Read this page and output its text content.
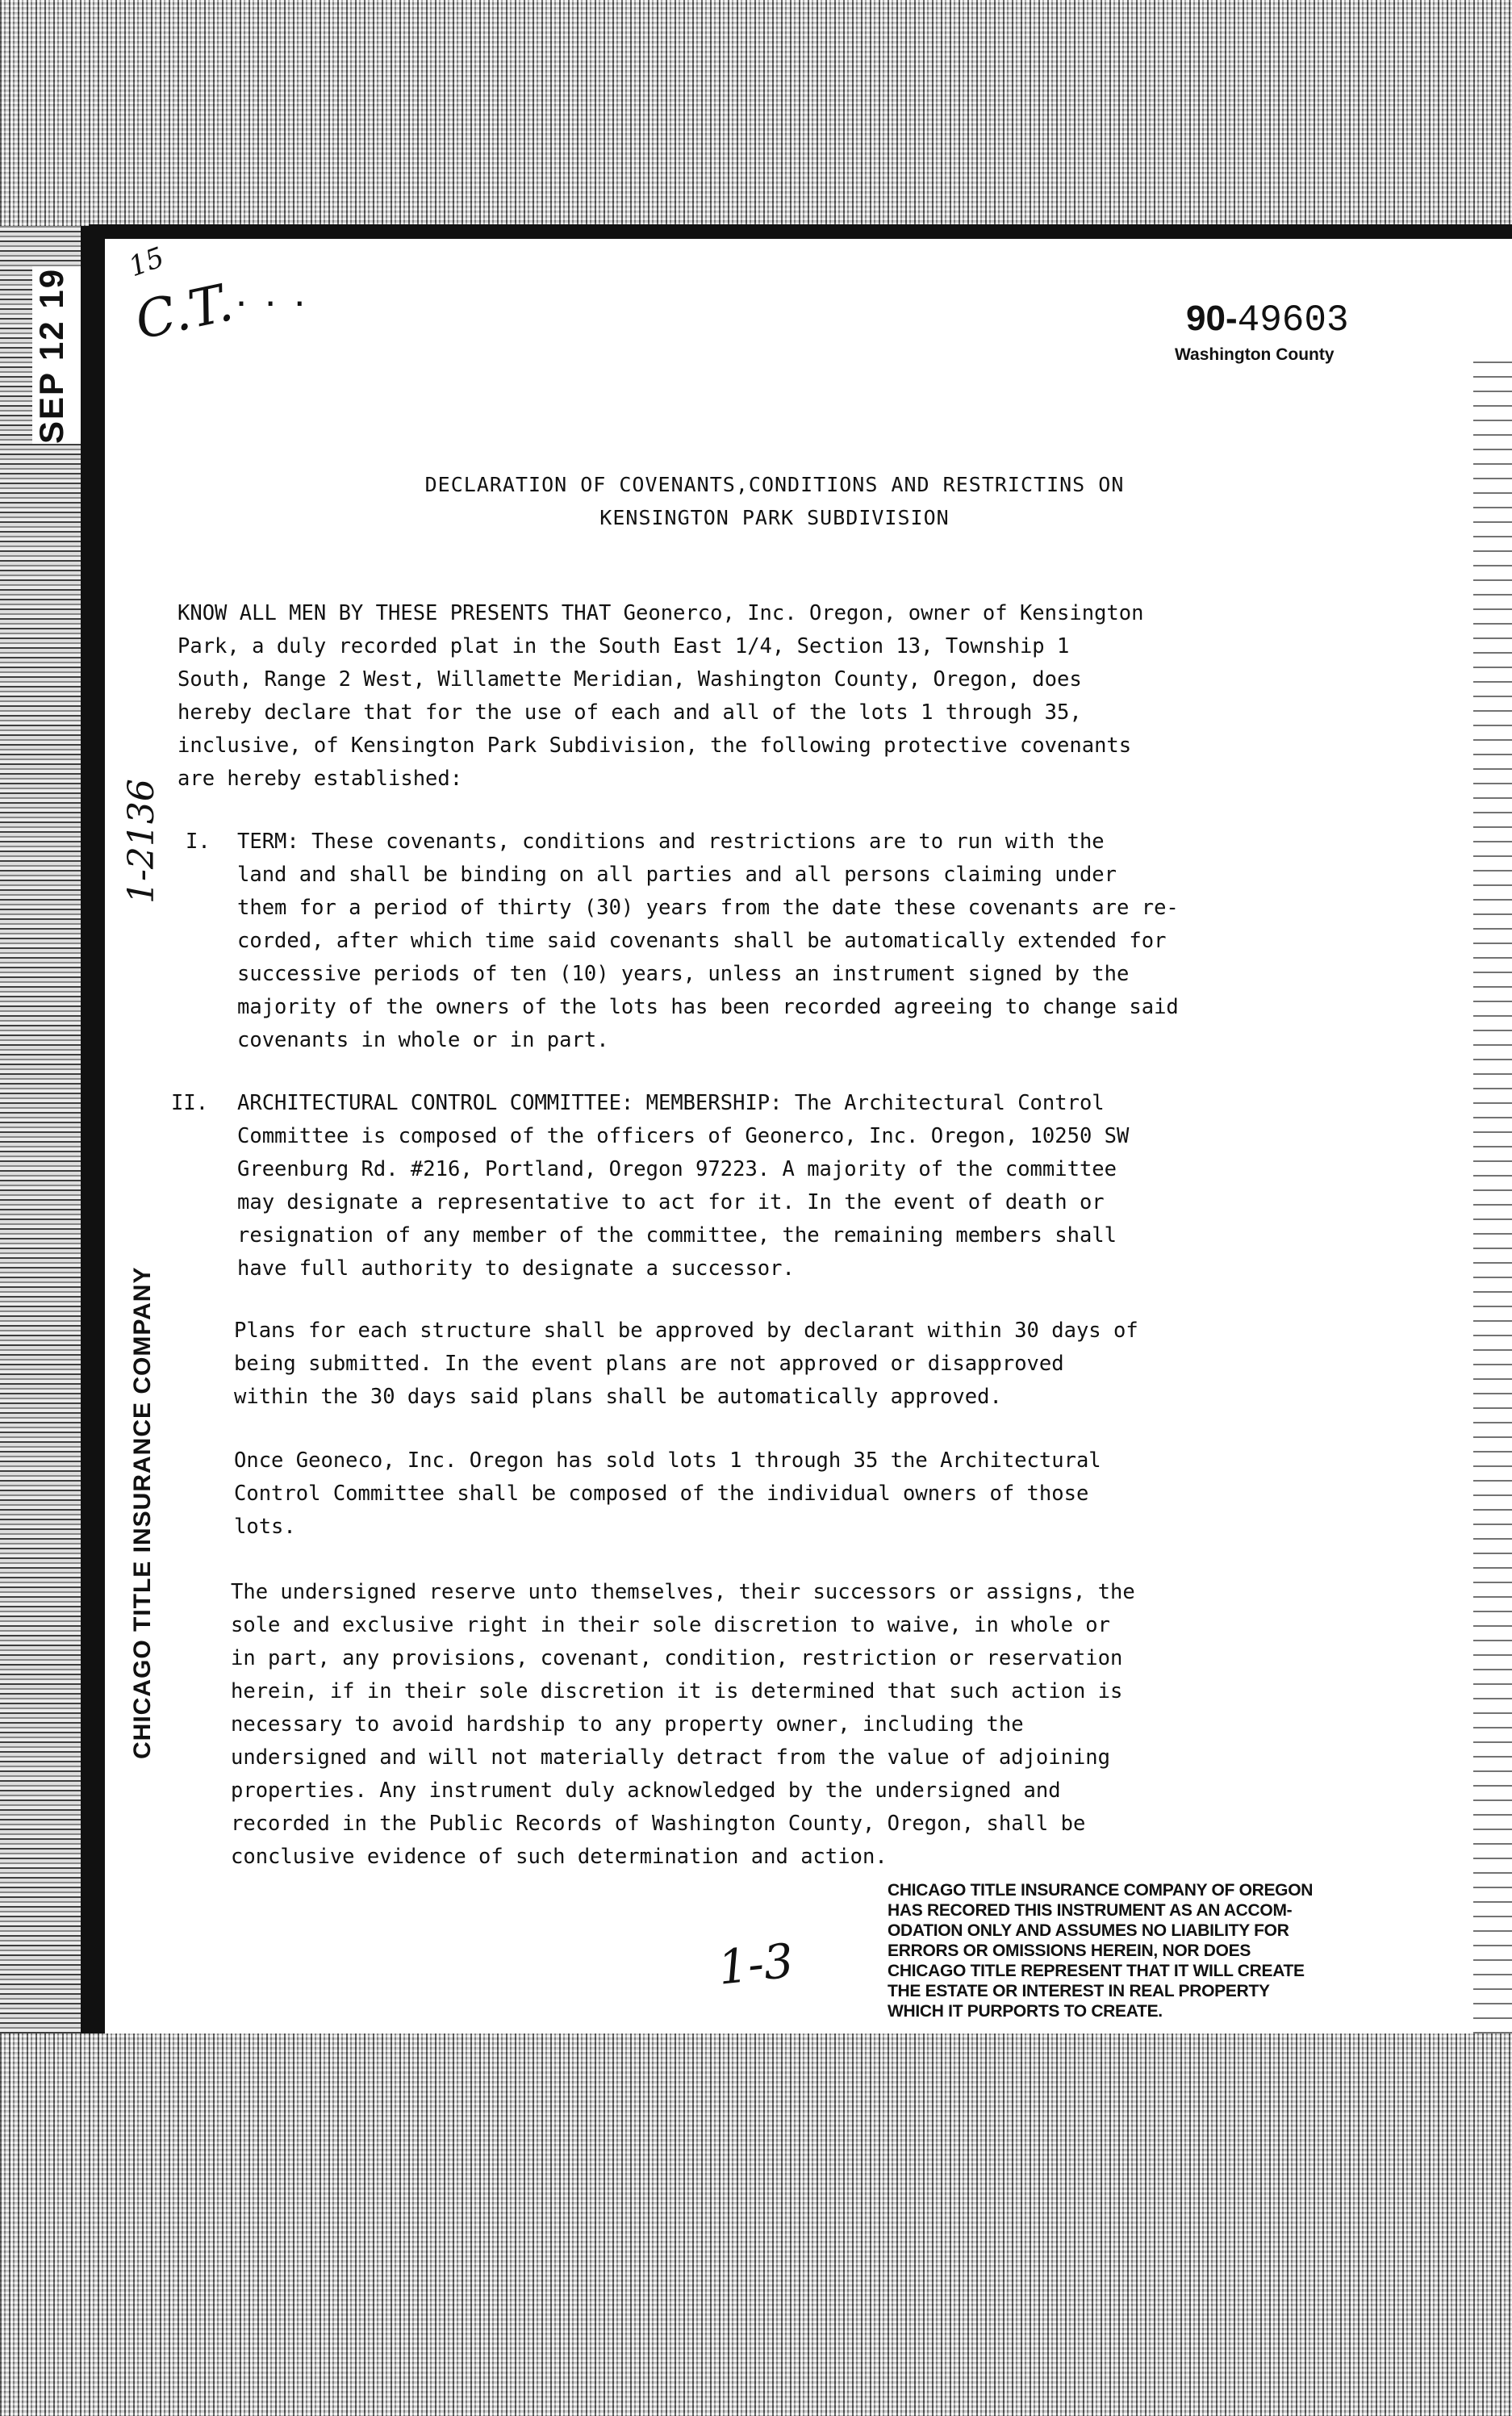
SEP 12 19
CHICAGO TITLE INSURANCE COMPANY
15
C.T.
· · ·
1-2136
90-49603
Washington County
DECLARATION OF COVENANTS,CONDITIONS AND RESTRICTINS ON
KENSINGTON PARK SUBDIVISION

KNOW ALL MEN BY THESE PRESENTS THAT Geonerco, Inc. Oregon, owner of Kensington
Park, a duly recorded plat in the South East 1/4, Section 13, Township 1
South, Range 2 West, Willamette Meridian, Washington County, Oregon, does
hereby declare that for the use of each and all of the lots 1 through 35,
inclusive, of Kensington Park Subdivision, the following protective covenants
are hereby established:

I. TERM: These covenants, conditions and restrictions are to run with the
land and shall be binding on all parties and all persons claiming under
them for a period of thirty (30) years from the date these covenants are re-
corded, after which time said covenants shall be automatically extended for
successive periods of ten (10) years, unless an instrument signed by the
majority of the owners of the lots has been recorded agreeing to change said
covenants in whole or in part.

II. ARCHITECTURAL CONTROL COMMITTEE: MEMBERSHIP: The Architectural Control
Committee is composed of the officers of Geonerco, Inc. Oregon, 10250 SW
Greenburg Rd. #216, Portland, Oregon 97223. A majority of the committee
may designate a representative to act for it. In the event of death or
resignation of any member of the committee, the remaining members shall
have full authority to designate a successor.

Plans for each structure shall be approved by declarant within 30 days of
being submitted. In the event plans are not approved or disapproved
within the 30 days said plans shall be automatically approved.

Once Geoneco, Inc. Oregon has sold lots 1 through 35 the Architectural
Control Committee shall be composed of the individual owners of those
lots.

The undersigned reserve unto themselves, their successors or assigns, the
sole and exclusive right in their sole discretion to waive, in whole or
in part, any provisions, covenant, condition, restriction or reservation
herein, if in their sole discretion it is determined that such action is
necessary to avoid hardship to any property owner, including the
undersigned and will not materially detract from the value of adjoining
properties. Any instrument duly acknowledged by the undersigned and
recorded in the Public Records of Washington County, Oregon, shall be
conclusive evidence of such determination and action.

1-3
CHICAGO TITLE INSURANCE COMPANY OF OREGON
HAS RECORED THIS INSTRUMENT AS AN ACCOM-
ODATION ONLY AND ASSUMES NO LIABILITY FOR
ERRORS OR OMISSIONS HEREIN, NOR DOES
CHICAGO TITLE REPRESENT THAT IT WILL CREATE
THE ESTATE OR INTEREST IN REAL PROPERTY
WHICH IT PURPORTS TO CREATE.
